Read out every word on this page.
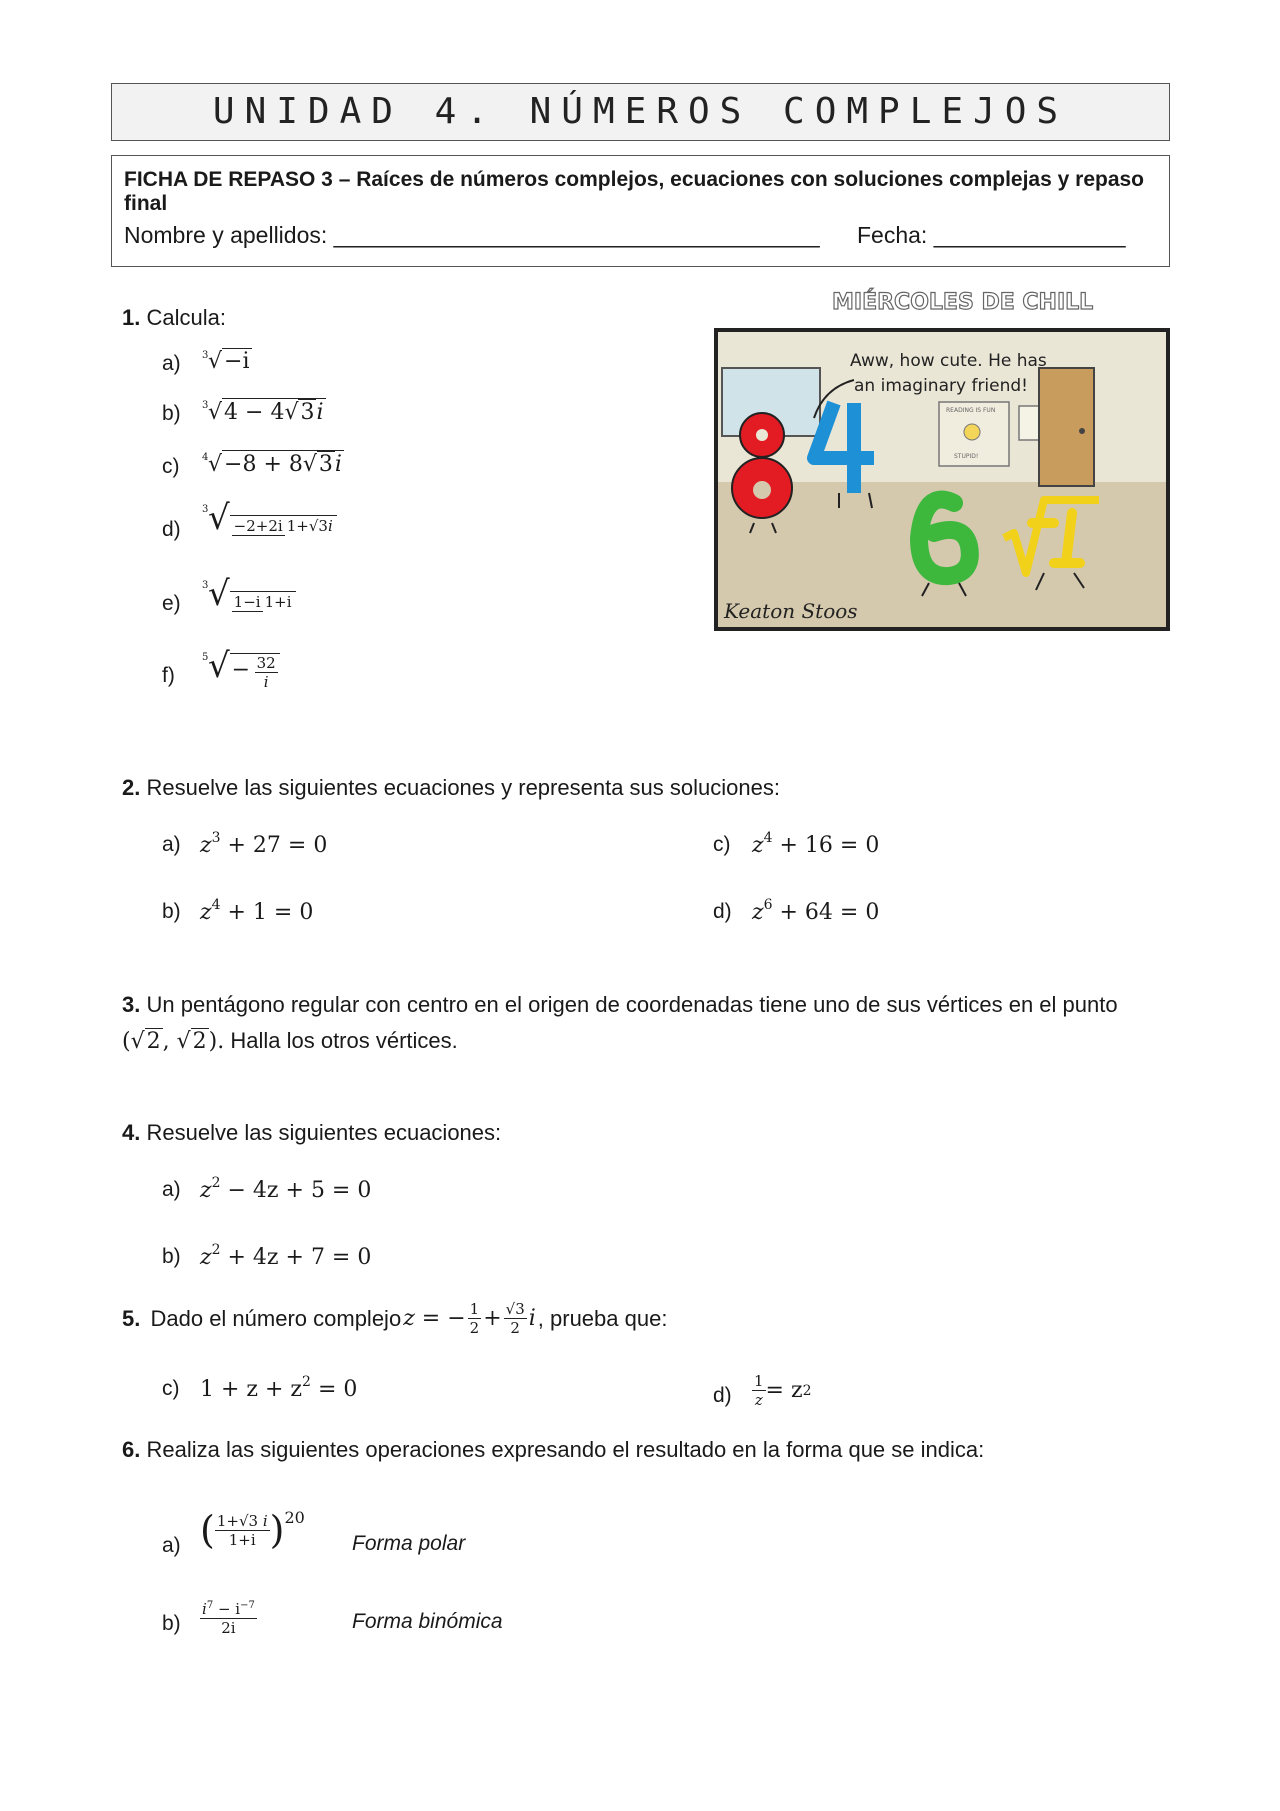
UNIDAD 4. NÚMEROS COMPLEJOS
FICHA DE REPASO 3 – Raíces de números complejos, ecuaciones con soluciones complejas y repaso final
Nombre y apellidos: ______________________________________ Fecha: _______________
MIÉRCOLES DE CHILL
READING IS FUN
STUPID!
Aww, how cute. He has
an imaginary friend!
Keaton Stoos
1. Calcula:
a) 3 √−i
b) 3 √4 − 4√3i
c) 4 √−8 + 8√3i
d)
3 √ −2+2i 1+√3i
e)
3 √ 1−i 1+i
f)
5 √− $\frac{32}{i}$
2. Resuelve las siguientes ecuaciones y representa sus soluciones:
a) $z^3 + 27 = 0$
b) $z^4 + 1 = 0$
c) $z^4 + 16 = 0$
d) $z^6 + 64 = 0$
3. Un pentágono regular con centro en el origen de coordenadas tiene uno de sus vértices en el punto
(√2, √2). Halla los otros vértices.
4. Resuelve las siguientes ecuaciones:
a) $z^2 - 4z + 5 = 0$
b) $z^2 + 4z + 7 = 0$
5.
Dado el número complejo z = − $\frac{1}{2} + \frac{√3}{2}$ i , prueba que:
c) $1 + z + z^2 = 0$	$d) \frac{1}{z} = z$ 2
6. Realiza las siguientes operaciones expresando el resultado en la forma que se indica:
a) ( $\frac{1+√3 i}{1+i}$ ) 20
Forma polar
$b) \frac{i^7 - i^{-7}}{2i}$	Forma binómica
